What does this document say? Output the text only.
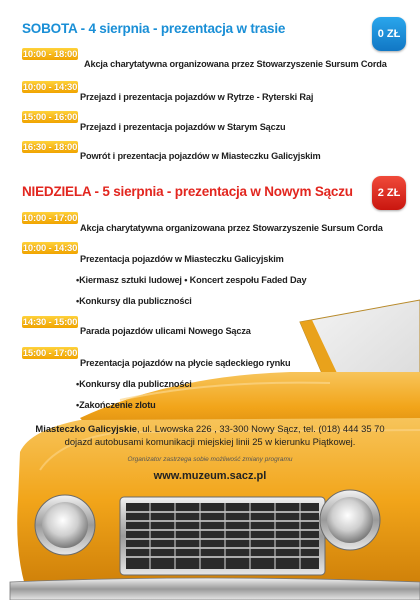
SOBOTA - 4 sierpnia - prezentacja w trasie	0 ZŁ
10:00 - 18:00
Akcja charytatywna organizowana przez Stowarzyszenie Sursum Corda
10:00 - 14:30
Przejazd i prezentacja pojazdów w Rytrze - Ryterski Raj
15:00 - 16:00
Przejazd i prezentacja pojazdów w Starym Sączu
16:30 - 18:00
Powrót i prezentacja pojazdów w Miasteczku Galicyjskim
NIEDZIELA - 5 sierpnia - prezentacja w Nowym Sączu	2 ZŁ
10:00 - 17:00
Akcja charytatywna organizowana przez Stowarzyszenie Sursum Corda
10:00 - 14:30
Prezentacja pojazdów w Miasteczku Galicyjskim
•Kiermasz sztuki ludowej • Koncert zespołu Faded Day
•Konkursy dla publiczności
14:30 - 15:00
Parada pojazdów ulicami Nowego Sącza
15:00 - 17:00
Prezentacja pojazdów na płycie sądeckiego rynku
•Konkursy dla publiczności
•Zakończenie zlotu
Miasteczko Galicyjskie, ul. Lwowska 226 , 33-300 Nowy Sącz, tel. (018) 444 35 70
dojazd autobusami komunikacji miejskiej linii 25 w kierunku Piątkowej.
Organizator zastrzega sobie możliwość zmiany programu
www.muzeum.sacz.pl
